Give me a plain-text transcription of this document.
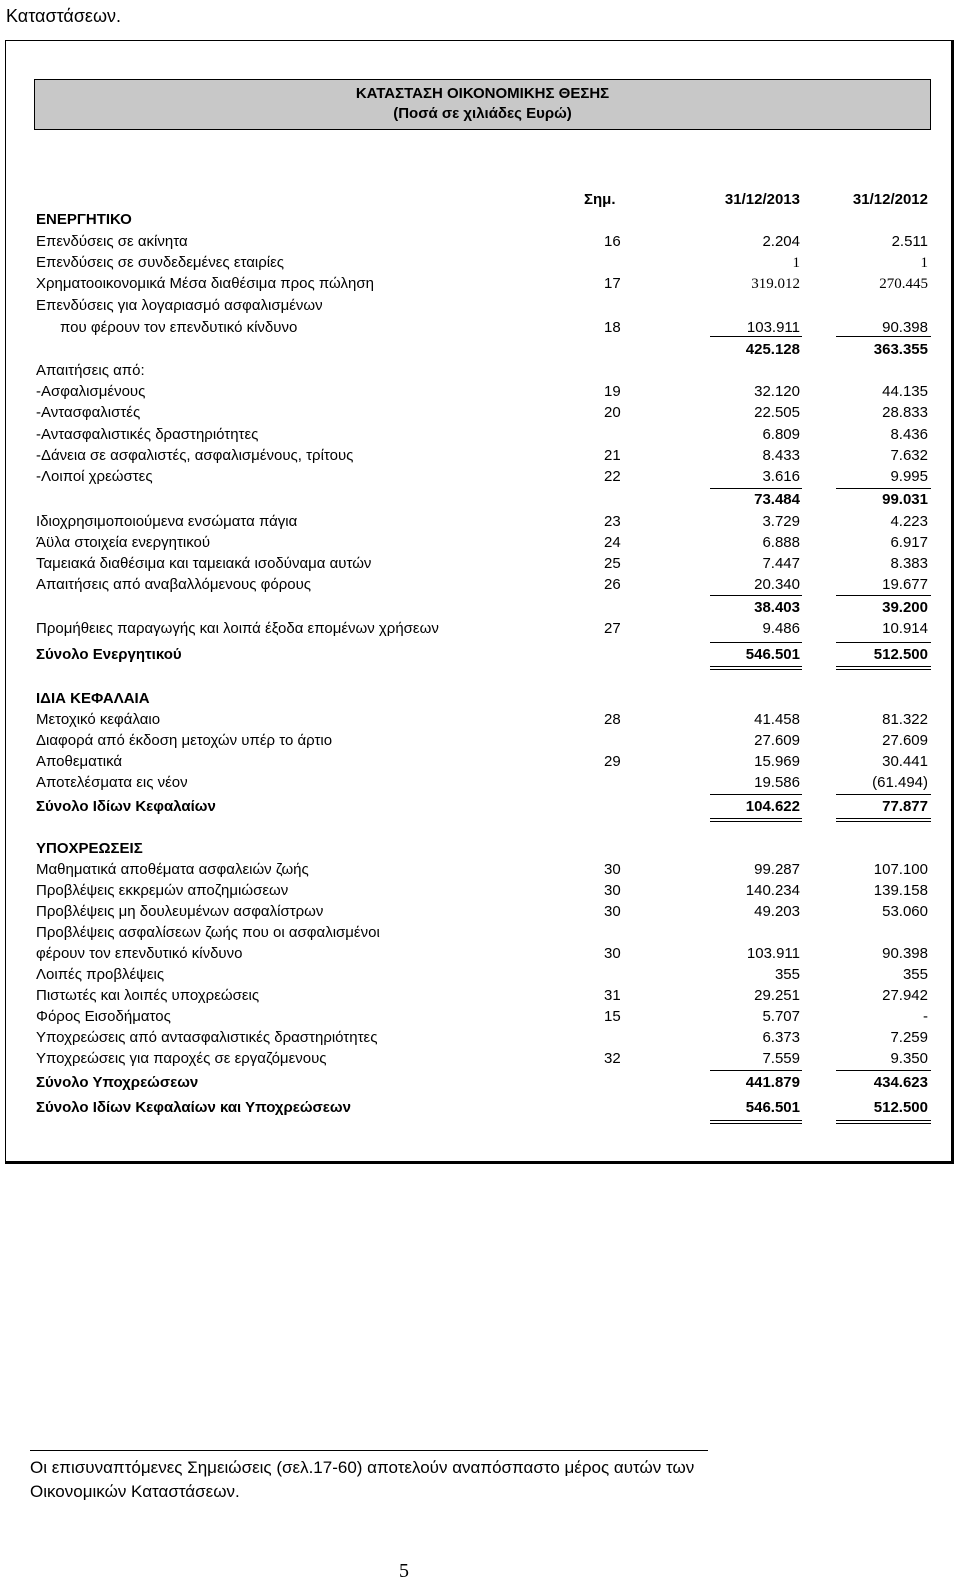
Καταστάσεων.
ΚΑΤΑΣΤΑΣΗ ΟΙΚΟΝΟΜΙΚΗΣ ΘΕΣΗΣ
(Ποσά σε χιλιάδες Ευρώ)
Σημ.	31/12/2013	31/12/2012
ΕΝΕΡΓΗΤΙΚΟ
Επενδύσεις σε ακίνητα	16	2.204	2.511
Επενδύσεις σε συνδεδεμένες εταιρίες	1	1
Χρηματοοικονομικά Μέσα διαθέσιμα προς πώληση	17	319.012	270.445
Επενδύσεις για λογαριασμό ασφαλισμένων
που φέρουν τον επενδυτικό κίνδυνο	18	103.911	90.398
425.128	363.355
Απαιτήσεις από:
-Ασφαλισμένους	19	32.120	44.135
-Αντασφαλιστές	20	22.505	28.833
-Αντασφαλιστικές δραστηριότητες	6.809	8.436
-Δάνεια σε ασφαλιστές, ασφαλισμένους, τρίτους	21	8.433	7.632
-Λοιποί χρεώστες	22	3.616	9.995
73.484	99.031
Ιδιοχρησιμοποιούμενα ενσώματα πάγια	23	3.729	4.223
Άϋλα στοιχεία ενεργητικού	24	6.888	6.917
Ταμειακά διαθέσιμα και ταμειακά ισοδύναμα αυτών	25	7.447	8.383
Απαιτήσεις από αναβαλλόμενους φόρους	26	20.340	19.677
38.403	39.200
Προμήθειες παραγωγής και λοιπά έξοδα επομένων χρήσεων	27	9.486	10.914
Σύνολο Ενεργητικού	546.501	512.500
ΙΔΙΑ ΚΕΦΑΛΑΙΑ
Μετοχικό κεφάλαιο	28	41.458	81.322
Διαφορά από έκδοση μετοχών υπέρ το άρτιο	27.609	27.609
Αποθεματικά	29	15.969	30.441
Αποτελέσματα εις νέον	19.586	(61.494)
Σύνολο Ιδίων Κεφαλαίων	104.622	77.877
ΥΠΟΧΡΕΩΣΕΙΣ
Μαθηματικά αποθέματα ασφαλειών ζωής	30	99.287	107.100
Προβλέψεις εκκρεμών αποζημιώσεων	30	140.234	139.158
Προβλέψεις μη δουλευμένων ασφαλίστρων	30	49.203	53.060
Προβλέψεις ασφαλίσεων ζωής που οι ασφαλισμένοι
φέρουν τον επενδυτικό κίνδυνο	30	103.911	90.398
Λοιπές προβλέψεις	355	355
Πιστωτές και λοιπές υποχρεώσεις	31	29.251	27.942
Φόρος Εισοδήματος	15	5.707	-
Υποχρεώσεις από αντασφαλιστικές δραστηριότητες	6.373	7.259
Υποχρεώσεις για παροχές σε εργαζόμενους	32	7.559	9.350
Σύνολο Υποχρεώσεων	441.879	434.623
Σύνολο Ιδίων Κεφαλαίων και Υποχρεώσεων	546.501	512.500
Οι επισυναπτόμενες Σημειώσεις (σελ.17-60) αποτελούν αναπόσπαστο μέρος αυτών των Οικονομικών Καταστάσεων.
5
